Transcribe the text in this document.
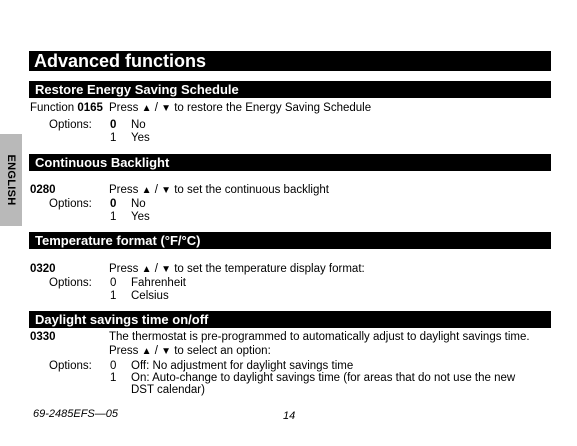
Advanced functions
ENGLISH
Restore Energy Saving Schedule
Function 0165 Press ▲ / ▼ to restore the Energy Saving Schedule
Options: 0 No
1 Yes
Continuous Backlight
0280	Press ▲ / ▼ to set the continuous backlight
Options: 0 No
1 Yes
Temperature format (°F/°C)
0320	Press ▲ / ▼ to set the temperature display format:
Options: 0 Fahrenheit
1 Celsius
Daylight savings time on/off
0330	The thermostat is pre-programmed to automatically adjust to daylight savings time.
Press ▲ / ▼ to select an option:
Options: 0 Off: No adjustment for daylight savings time
1 On: Auto-change to daylight savings time (for areas that do not use the new
DST calendar)
69-2485EFS—05	14
